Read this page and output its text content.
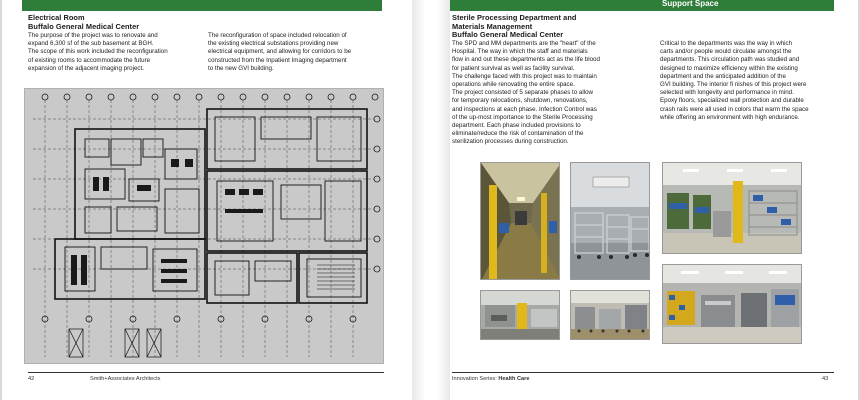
Electrical Room
Buffalo General Medical Center
The purpose of the project was to renovate and
expand 6,300 sf of the sub basement at BGH.
The scope of this work included the reconfiguration
of existing rooms to accommodate the future
expansion of the adjacent imaging project.
The reconfiguration of space included relocation of
the existing electrical substations providing new
electrical equipment, and allowing for corridors to be
constructed from the Inpatient Imaging department
to the new GVI building.
42	Smith+Associates Architects
Support Space
Sterile Processing Department and
Materials Management
Buffalo General Medical Center
The SPD and MM departments are the "heart" of the
Hospital. The way in which the staff and materials
flow in and out these departments act as the life blood
for patient survival as well as facility survival.
The challenge faced with this project was to maintain
operations while renovating the entire space.
The project consisted of 5 separate phases to allow
for temporary relocations, shutdown, renovations,
and inspections at each phase. Infection Control was
of the up-most importance to the Sterile Processing
department. Each phase included provisions to
eliminate/reduce the risk of contamination of the
sterilization processes during construction.
Critical to the departments was the way in which
carts and/or people would circulate amongst the
departments. This circulation path was studied and
designed to maximize efficiency within the existing
department and the anticipated addition of the
GVI building. The interior fi nishes of this project were
selected with longevity and performance in mind.
Epoxy floors, specialized wall protection and durable
crash rails were all used in colors that warm the space
while offering an environment with high endurance.
Innovation Series: Health Care	43
